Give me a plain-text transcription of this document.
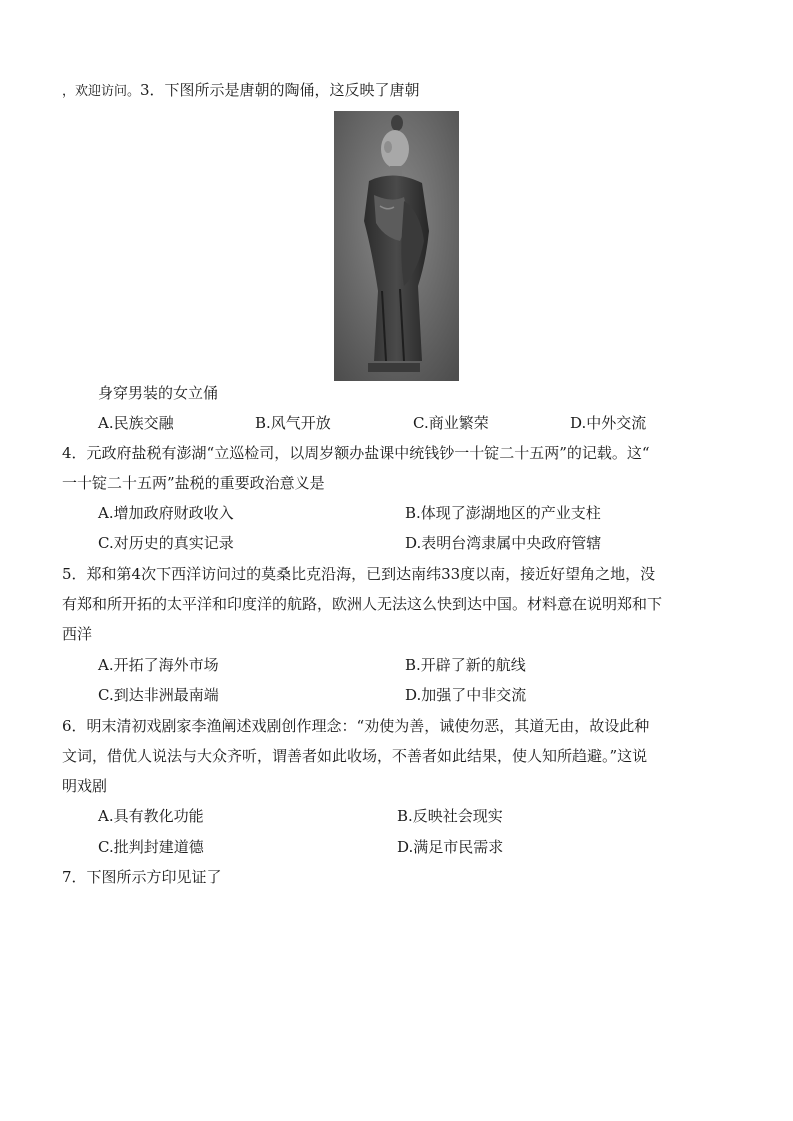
，欢迎访问。3．下图所示是唐朝的陶俑，这反映了唐朝
身穿男装的女立俑
A.民族交融	B.风气开放	C.商业繁荣	D.中外交流
4．元政府盐税有澎湖“立巡检司，以周岁额办盐课中统钱钞一十锭二十五两”的记载。这“
一十锭二十五两”盐税的重要政治意义是
A.增加政府财政收入	B.体现了澎湖地区的产业支柱
C.对历史的真实记录	D.表明台湾隶属中央政府管辖
5．郑和第4次下西洋访问过的莫桑比克沿海，已到达南纬33度以南，接近好望角之地，没
有郑和所开拓的太平洋和印度洋的航路，欧洲人无法这么快到达中国。材料意在说明郑和下
西洋
A.开拓了海外市场	B.开辟了新的航线
C.到达非洲最南端	D.加强了中非交流
6．明末清初戏剧家李渔阐述戏剧创作理念：“劝使为善，诫使勿恶，其道无由，故设此种
文词，借优人说法与大众齐听，谓善者如此收场，不善者如此结果，使人知所趋避。”这说
明戏剧
A.具有教化功能	B.反映社会现实
C.批判封建道德	D.满足市民需求
7．下图所示方印见证了
